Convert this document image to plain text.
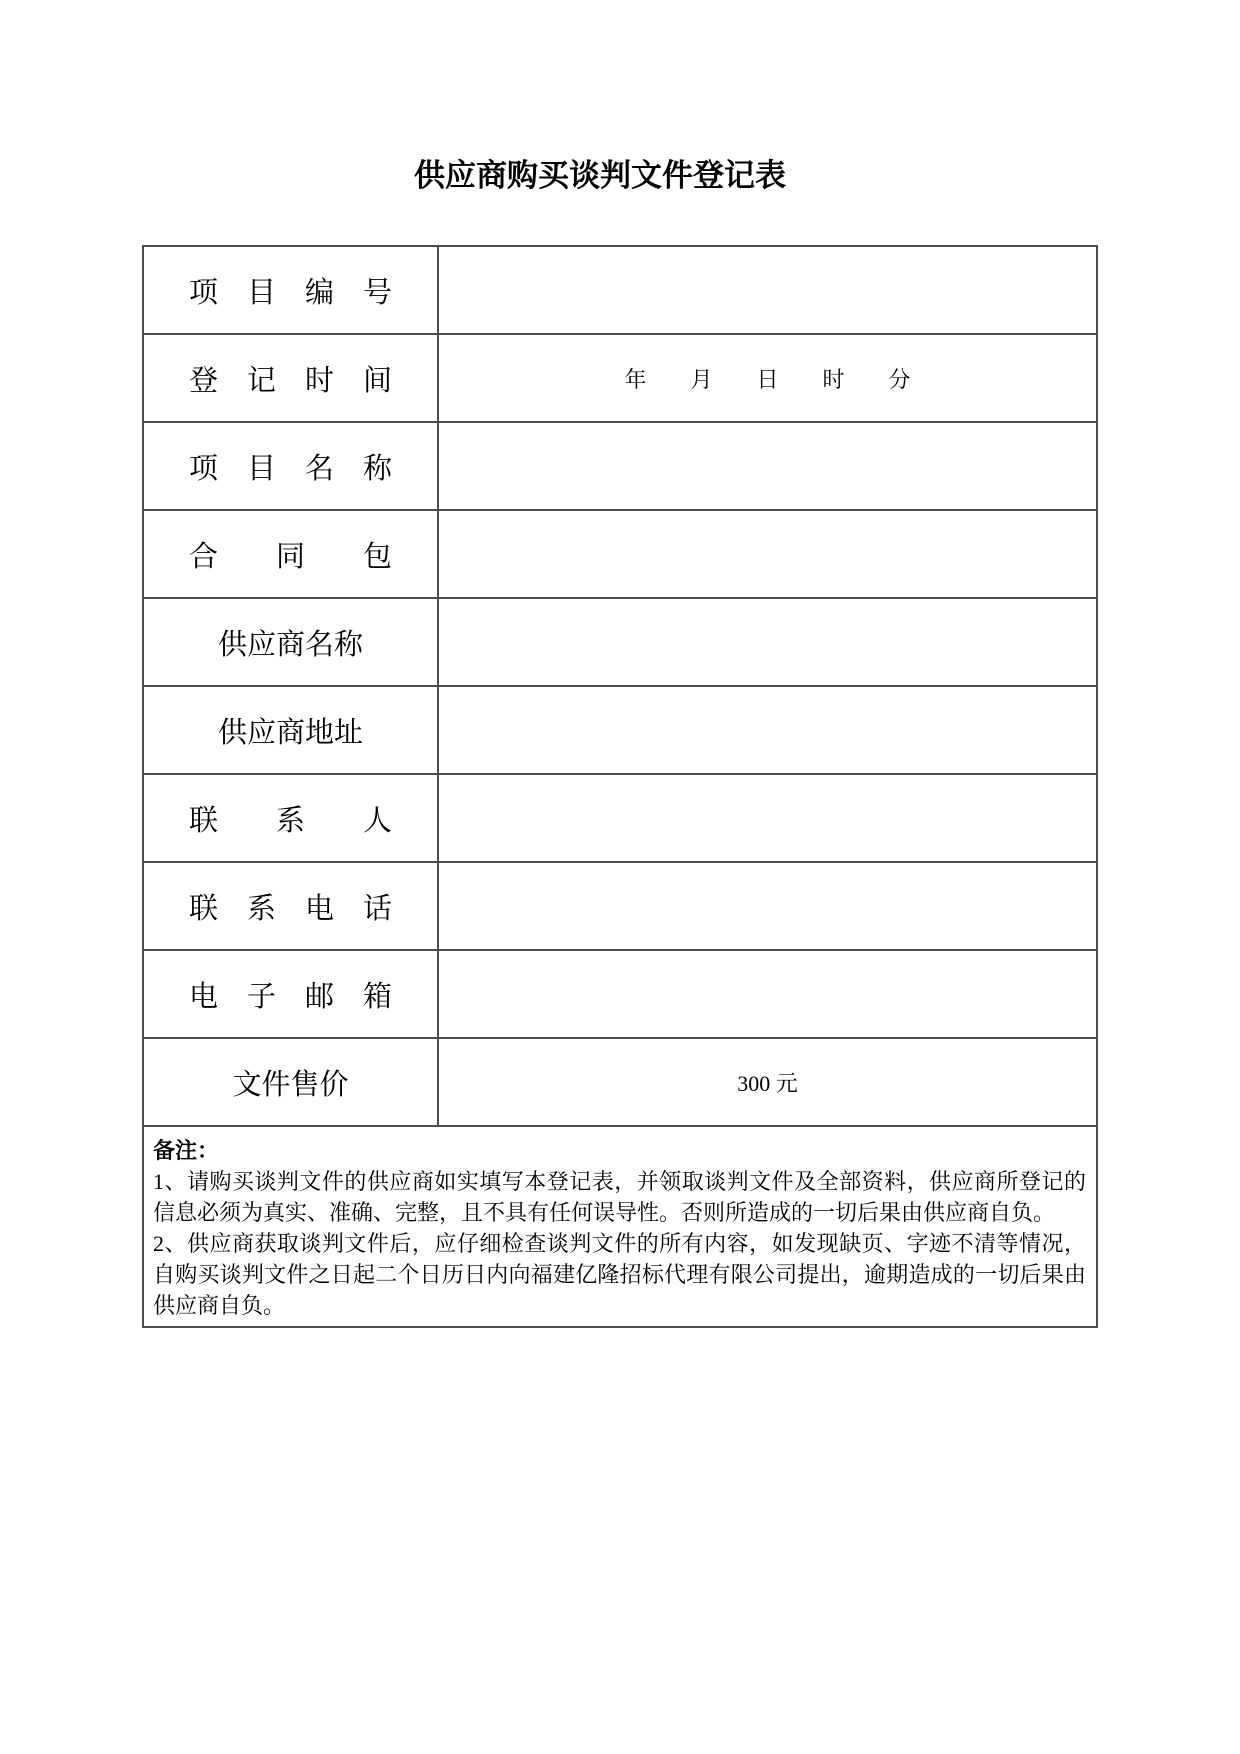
供应商购买谈判文件登记表
项　目　编　号
登　记　时　间	年　　月　　日　　时　　分
项　目　名　称
合　　同　　包
供应商名称
供应商地址
联　　系　　人
联　系　电　话
电　子　邮　箱
文件售价	300 元
备注：

1、请购买谈判文件的供应商如实填写本登记表，并领取谈判文件及全部资料，供应商所登记的信息必须为真实、准确、完整，且不具有任何误导性。否则所造成的一切后果由供应商自负。

2、供应商获取谈判文件后，应仔细检查谈判文件的所有内容，如发现缺页、字迹不清等情况，自购买谈判文件之日起二个日历日内向福建亿隆招标代理有限公司提出，逾期造成的一切后果由供应商自负。
